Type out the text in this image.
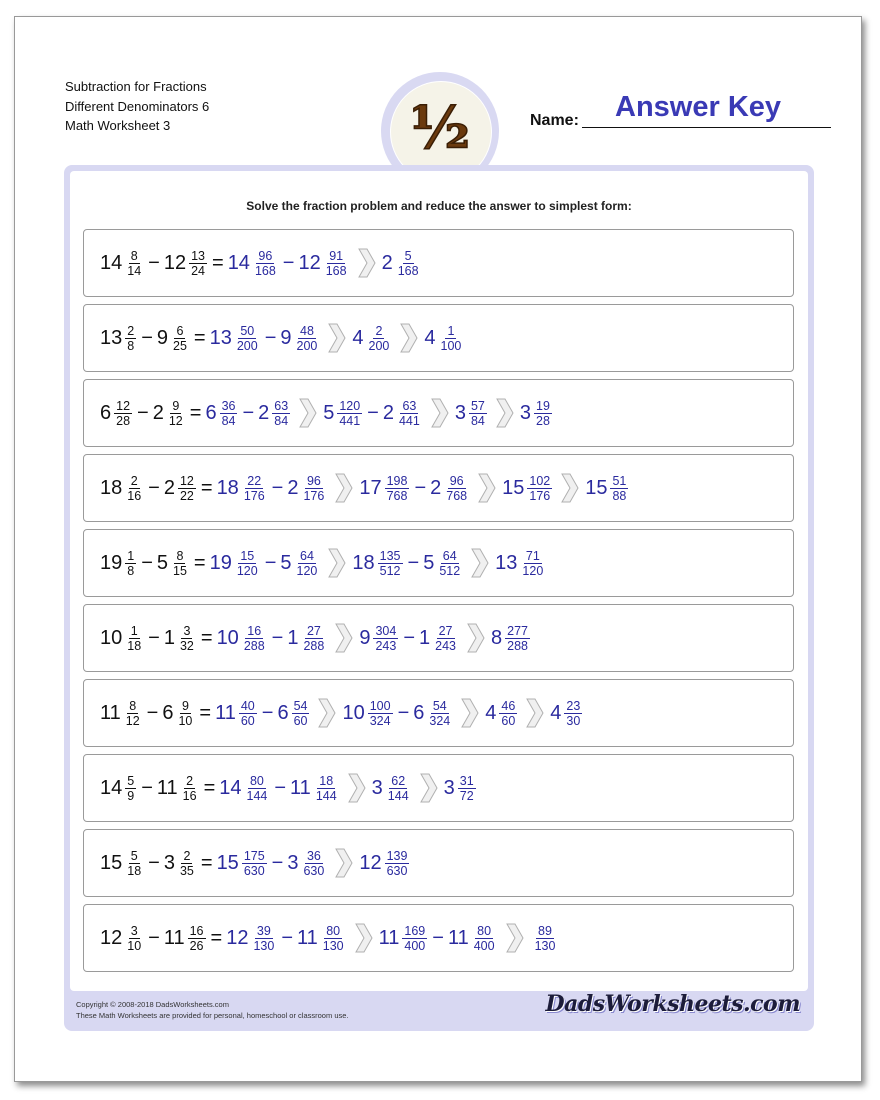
Subtraction for Fractions
Different Denominators 6
Math Worksheet 3	½	Name: Answer Key
Solve the fraction problem and reduce the answer to simplest form:
$14 \frac{8}{14} - 12 \frac{13}{24} = 14 \frac{96}{168} - 12 \frac{91}{168} 2 \frac{5}{168}$
$13 \frac{2}{8} - 9 \frac{6}{25} = 13 \frac{50}{200} - 9 \frac{48}{200} 4 \frac{2}{200} 4 \frac{1}{100}$
$6 \frac{12}{28} - 2 \frac{9}{12} = 6 \frac{36}{84} - 2 \frac{63}{84} 5 \frac{120}{441} - 2 \frac{63}{441} 3 \frac{57}{84} 3 \frac{19}{28}$
$18 \frac{2}{16} - 2 \frac{12}{22} = 18 \frac{22}{176} - 2 \frac{96}{176} 17 \frac{198}{768} - 2 \frac{96}{768} 15 \frac{102}{176} 15 \frac{51}{88}$
$19 \frac{1}{8} - 5 \frac{8}{15} = 19 \frac{15}{120} - 5 \frac{64}{120} 18 \frac{135}{512} - 5 \frac{64}{512} 13 \frac{71}{120}$
$10 \frac{1}{18} - 1 \frac{3}{32} = 10 \frac{16}{288} - 1 \frac{27}{288} 9 \frac{304}{243} - 1 \frac{27}{243} 8 \frac{277}{288}$
$11 \frac{8}{12} - 6 \frac{9}{10} = 11 \frac{40}{60} - 6 \frac{54}{60} 10 \frac{100}{324} - 6 \frac{54}{324} 4 \frac{46}{60} 4 \frac{23}{30}$
$14 \frac{5}{9} - 11 \frac{2}{16} = 14 \frac{80}{144} - 11 \frac{18}{144} 3 \frac{62}{144} 3 \frac{31}{72}$
$15 \frac{5}{18} - 3 \frac{2}{35} = 15 \frac{175}{630} - 3 \frac{36}{630} 12 \frac{139}{630}$
$12 \frac{3}{10} - 11 \frac{16}{26} = 12 \frac{39}{130} - 11 \frac{80}{130} 11 \frac{169}{400} - 11 \frac{80}{400}$	$\frac{89}{130}$
Copyright © 2008-2018 DadsWorksheets.com
These Math Worksheets are provided for personal, homeschool or classroom use.	DadsWorksheets.com
